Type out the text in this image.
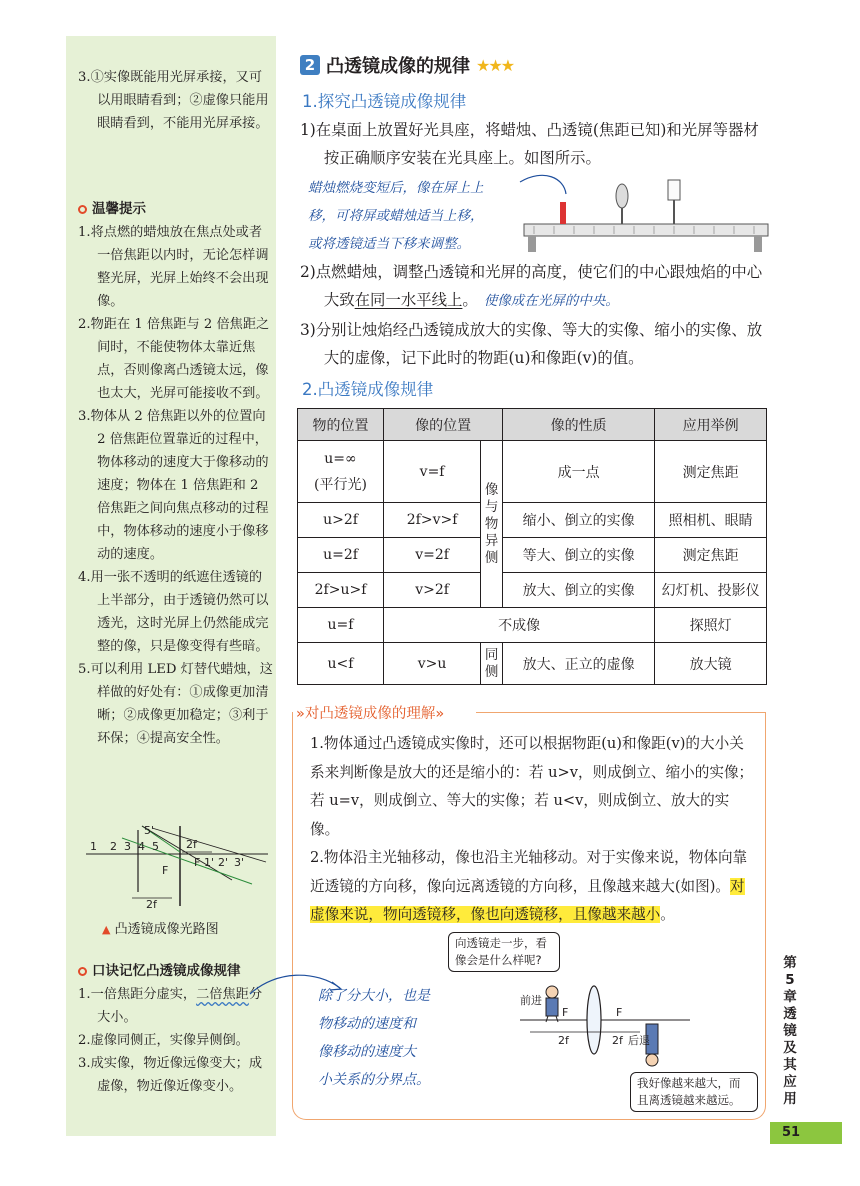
3.①实像既能用光屏承接，又可以用眼睛看到；②虚像只能用眼睛看到，不能用光屏承接。

温馨提示

1.将点燃的蜡烛放在焦点处或者一倍焦距以内时，无论怎样调整光屏，光屏上始终不会出现像。

2.物距在 1 倍焦距与 2 倍焦距之间时，不能使物体太靠近焦点，否则像离凸透镜太远，像也太大，光屏可能接收不到。

3.物体从 2 倍焦距以外的位置向 2 倍焦距位置靠近的过程中，物体移动的速度大于像移动的速度；物体在 1 倍焦距和 2 倍焦距之间向焦点移动的过程中，物体移动的速度小于像移动的速度。

4.用一张不透明的纸遮住透镜的上半部分，由于透镜仍然可以透光，这时光屏上仍然能成完整的像，只是像变得有些暗。

5.可以利用 LED 灯替代蜡烛，这样做的好处有：①成像更加清晰；②成像更加稳定；③利于环保；④提高安全性。

1 2 3 4 5
5'
2f
F 1' 2' 3'
F
2f
▲ 凸透镜成像光路图
口诀记忆凸透镜成像规律

1.一倍焦距分虚实，二倍焦距分大小。

2.虚像同侧正，实像异侧倒。

3.成实像，物近像远像变大；成虚像，物近像近像变小。

2 凸透镜成像的规律 ★★★
1.探究凸透镜成像规律

1)在桌面上放置好光具座，将蜡烛、凸透镜(焦距已知)和光屏等器材按正确顺序安装在光具座上。如图所示。

蜡烛燃烧变短后，像在屏上上
移，可将屏或蜡烛适当上移，
或将透镜适当下移来调整。

2)点燃蜡烛，调整凸透镜和光屏的高度，使它们的中心跟烛焰的中心大致在同一水平线上。 使像成在光屏的中央。

3)分别让烛焰经凸透镜成放大的实像、等大的实像、缩小的实像、放大的虚像，记下此时的物距(u)和像距(v)的值。

2.凸透镜成像规律
物的位置	像的位置		像的性质	应用举例
u=∞
(平行光)	v=f	像与物异侧	成一点	测定焦距
u>2f	2f>v>f		缩小、倒立的实像	照相机、眼睛
u=2f	v=2f		等大、倒立的实像	测定焦距
2f>u>f	v>2f		放大、倒立的实像	幻灯机、投影仪
u=f	不成像			探照灯
u<f	v>u	同侧	放大、正立的虚像	放大镜
»对凸透镜成像的理解»

1.物体通过凸透镜成实像时，还可以根据物距(u)和像距(v)的大小关系来判断像是放大的还是缩小的：若 u>v，则成倒立、缩小的实像；若 u=v，则成倒立、等大的实像；若 u<v，则成倒立、放大的实像。

2.物体沿主光轴移动，像也沿主光轴移动。对于实像来说，物体向靠近透镜的方向移，像向远离透镜的方向移，且像越来越大(如图)。对虚像来说，物向透镜移，像也向透镜移，且像越来越小。

除了分大小，也是
物移动的速度和
像移动的速度大
小关系的分界点。
向透镜走一步，看像会是什么样呢?
我好像越来越大，而且离透镜越来越远。
前进
F	F
2f	2f 后退
第5章 透镜及其应用
51
